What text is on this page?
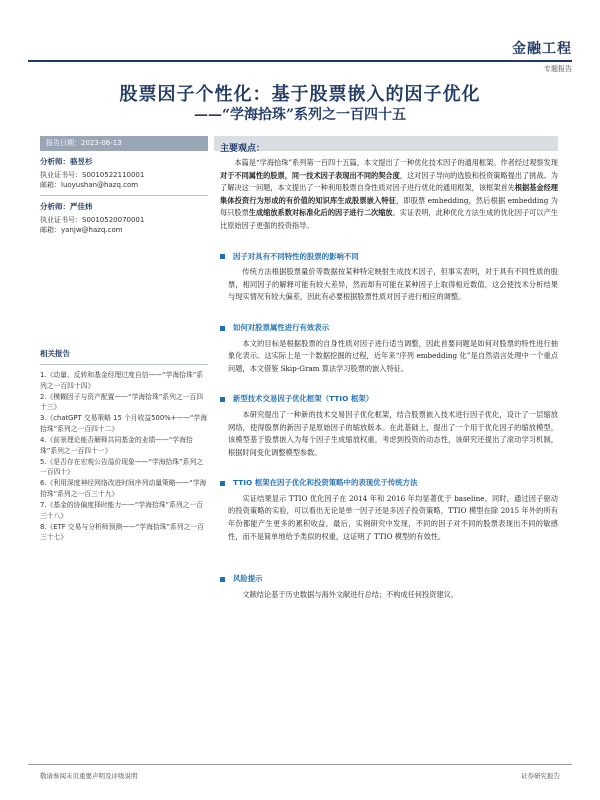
金融工程
专题报告
股票因子个性化：基于股票嵌入的因子优化
——“学海拾珠”系列之一百四十五
报告日期：2023-06-13
主要观点：
分析师：骆昱杉
执业证书号：S0010522110001
邮箱：luoyushan@hazq.com
分析师：严佳炜
执业证书号：S0010520070001
邮箱：yanjw@hazq.com
相关报告
1.《动量、反转和基金经理过度自信——“学海拾珠”系列之一百四十四》
2.《模糊因子与资产配置——“学海拾珠”系列之一百四十三》
3.《chatGPT 交易策略 15 个月收益500%+——“学海拾珠”系列之一百四十二》
4.《前景理论能否解释共同基金的业绩——“学海拾珠”系列之一百四十一》
5.《是否存在宏观公告溢价现象——“学海拾珠”系列之一百四十》
6.《利用深度神经网络改进时间序列动量策略——“学海拾珠”系列之一百三十九》
7.《基金的协偏度择时能力——“学海拾珠”系列之一百三十八》
8.《ETF 交易与分析师预测——“学海拾珠”系列之一百三十七》

本篇是“学海拾珠”系列第一百四十五篇，本文提出了一种优化技术因子的通用框架。作者经过观察发现对于不同属性的股票，同一技术因子表现出不同的契合度，这对因子导向的选股和投资策略提出了挑战。为了解决这一问题，本文提出了一种利用股票自身性质对因子进行优化的通用框架，该框架首先根据基金经理集体投资行为形成的有价值的知识库生成股票嵌入特征，即股票 embedding，然后根据 embedding 为每只股票生成缩放系数对标准化后的因子进行二次缩放。实证表明，此种优化方法生成的优化因子可以产生比原始因子更强的投资指导。

因子对具有不同特性的股票的影响不同

传统方法根据股票量价等数据按某种特定映射生成技术因子，但事实表明，对于具有不同性质的股票，相同因子的解释可能有较大差异，然而却有可能在某种因子上取得相近数值，这会使技术分析结果与现实情况有较大偏差，因此有必要根据股票性质对因子进行相应的调整。

如何对股票属性进行有效表示

本文的目标是根据股票的自身性质对因子进行适当调整，因此首要问题是如何对股票的特性进行抽象化表示。这实际上是一个数据挖掘的过程，近年来“序列 embedding 化”是自然语言处理中一个重点问题，本文借鉴 Skip-Gram 算法学习股票的嵌入特征。

新型技术交易因子优化框架（TTIO 框架）

本研究提出了一种新的技术交易因子优化框架，结合股票嵌入技术进行因子优化，设计了一层缩放网络，使得股票的新因子是原始因子的缩放版本。在此基础上，提出了一个用于优化因子的缩放模型，该模型基于股票嵌入为每个因子生成缩放权重，考虑到投资的动态性，该研究还提出了滚动学习机制，根据时间变化调整模型参数。

TTIO 框架在因子优化和投资策略中的表现优于传统方法

实证结果显示 TTIO 优化因子在 2014 年和 2016 年均显著优于 baseline。同时，通过因子驱动的投资策略的实验，可以看出无论是单一因子还是多因子投资策略，TTIO 模型在除 2015 年外的所有年份都能产生更多的累积收益。最后，实例研究中发现，不同的因子对不同的股票表现出不同的敏感性，而不是简单地给予类似的权重，这证明了 TTIO 模型的有效性。

风险提示

文献结论基于历史数据与海外文献进行总结；不构成任何投资建议。

敬请参阅末页重要声明及评级说明	证券研究报告
